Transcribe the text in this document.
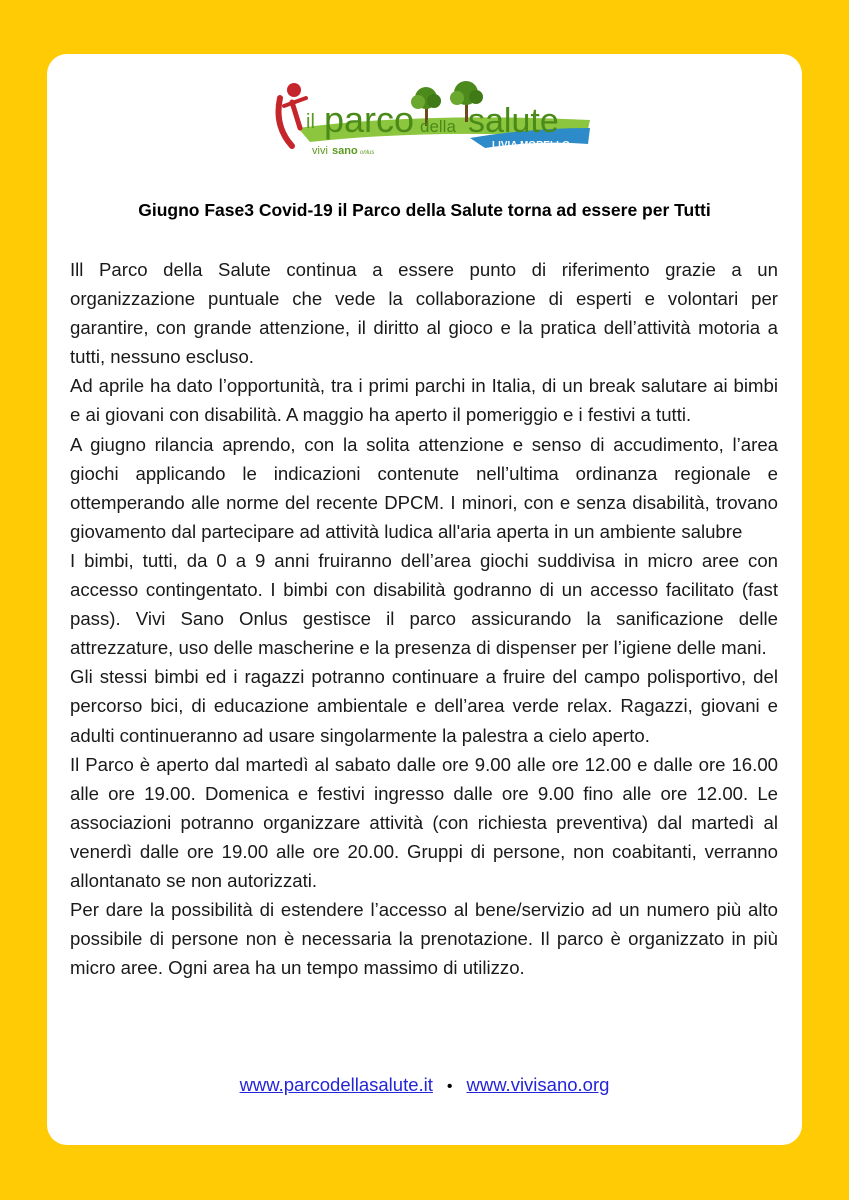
il parco della salute
LIVIA MORELLO
vivi sano onlus
Giugno Fase3 Covid-19 il Parco della Salute torna ad essere per Tutti

Ill Parco della Salute continua a essere punto di riferimento grazie a un organizzazione puntuale che vede la collaborazione di esperti e volontari per garantire, con grande attenzione, il diritto al gioco e la pratica dell’attività motoria a tutti, nessuno escluso.

Ad aprile ha dato l’opportunità, tra i primi parchi in Italia, di un break salutare ai bimbi e ai giovani con disabilità. A maggio ha aperto il pomeriggio e i festivi a tutti.

A giugno rilancia aprendo, con la solita attenzione e senso di accudimento, l’area giochi applicando le indicazioni contenute nell’ultima ordinanza regionale e ottemperando alle norme del recente DPCM. I minori, con e senza disabilità, trovano giovamento dal partecipare ad attività ludica all'aria aperta in un ambiente salubre

I bimbi, tutti, da 0 a 9 anni fruiranno dell’area giochi suddivisa in micro aree con accesso contingentato. I bimbi con disabilità godranno di un accesso facilitato (fast pass). Vivi Sano Onlus gestisce il parco assicurando la sanificazione delle attrezzature, uso delle mascherine e la presenza di dispenser per l’igiene delle mani.

Gli stessi bimbi ed i ragazzi potranno continuare a fruire del campo polisportivo, del percorso bici, di educazione ambientale e dell’area verde relax. Ragazzi, giovani e adulti continueranno ad usare singolarmente la palestra a cielo aperto.

Il Parco è aperto dal martedì al sabato dalle ore 9.00 alle ore 12.00 e dalle ore 16.00 alle ore 19.00. Domenica e festivi ingresso dalle ore 9.00 fino alle ore 12.00. Le associazioni potranno organizzare attività (con richiesta preventiva) dal martedì al venerdì dalle ore 19.00 alle ore 20.00. Gruppi di persone, non coabitanti, verranno allontanato se non autorizzati.

Per dare la possibilità di estendere l’accesso al bene/servizio ad un numero più alto possibile di persone non è necessaria la prenotazione. Il parco è organizzato in più micro aree. Ogni area ha un tempo massimo di utilizzo.

www.parcodellasalute.it • www.vivisano.org
